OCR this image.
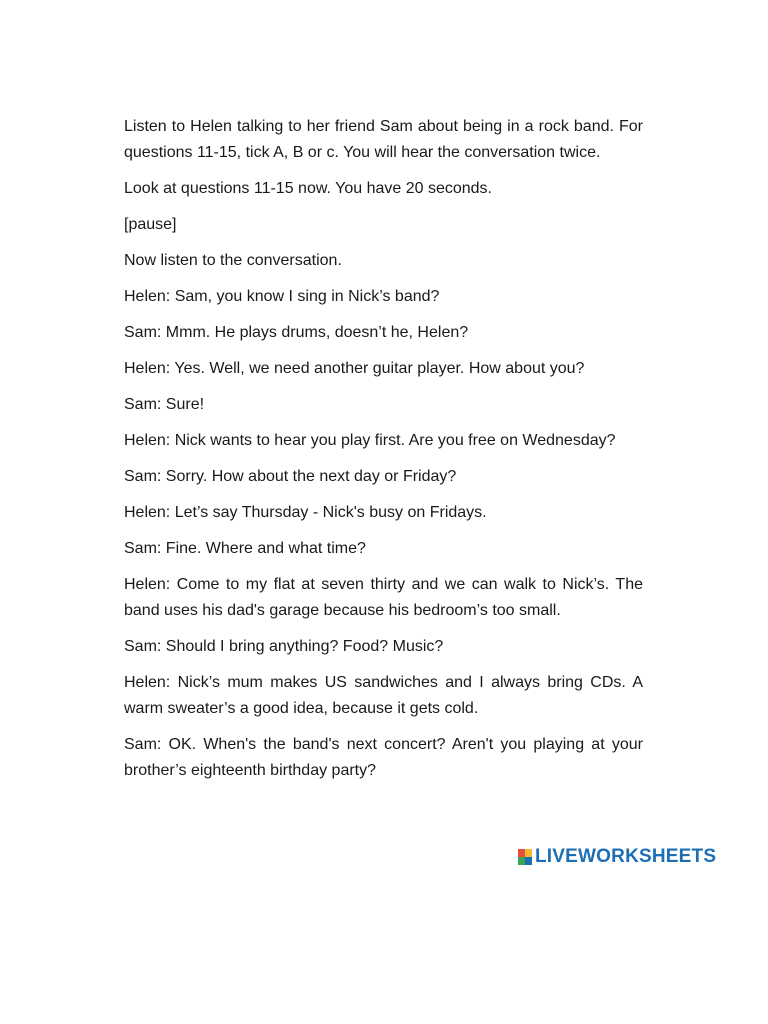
Listen to Helen talking to her friend Sam about being in a rock band. For questions 11-15, tick A, B or c. You will hear the conversation twice.

Look at questions 11-15 now. You have 20 seconds.

[pause]

Now listen to the conversation.

Helen: Sam, you know I sing in Nick’s band?

Sam: Mmm. He plays drums, doesn’t he, Helen?

Helen: Yes. Well, we need another guitar player. How about you?

Sam: Sure!

Helen: Nick wants to hear you play first. Are you free on Wednesday?

Sam: Sorry. How about the next day or Friday?

Helen: Let’s say Thursday - Nick's busy on Fridays.

Sam: Fine. Where and what time?

Helen: Come to my flat at seven thirty and we can walk to Nick’s. The band uses his dad's garage because his bedroom’s too small.

Sam: Should I bring anything? Food? Music?

Helen: Nick’s mum makes US sandwiches and I always bring CDs. A warm sweater’s a good idea, because it gets cold.

Sam: OK. When's the band's next concert? Aren't you playing at your brother’s eighteenth birthday party?

LIVEWORKSHEETS
